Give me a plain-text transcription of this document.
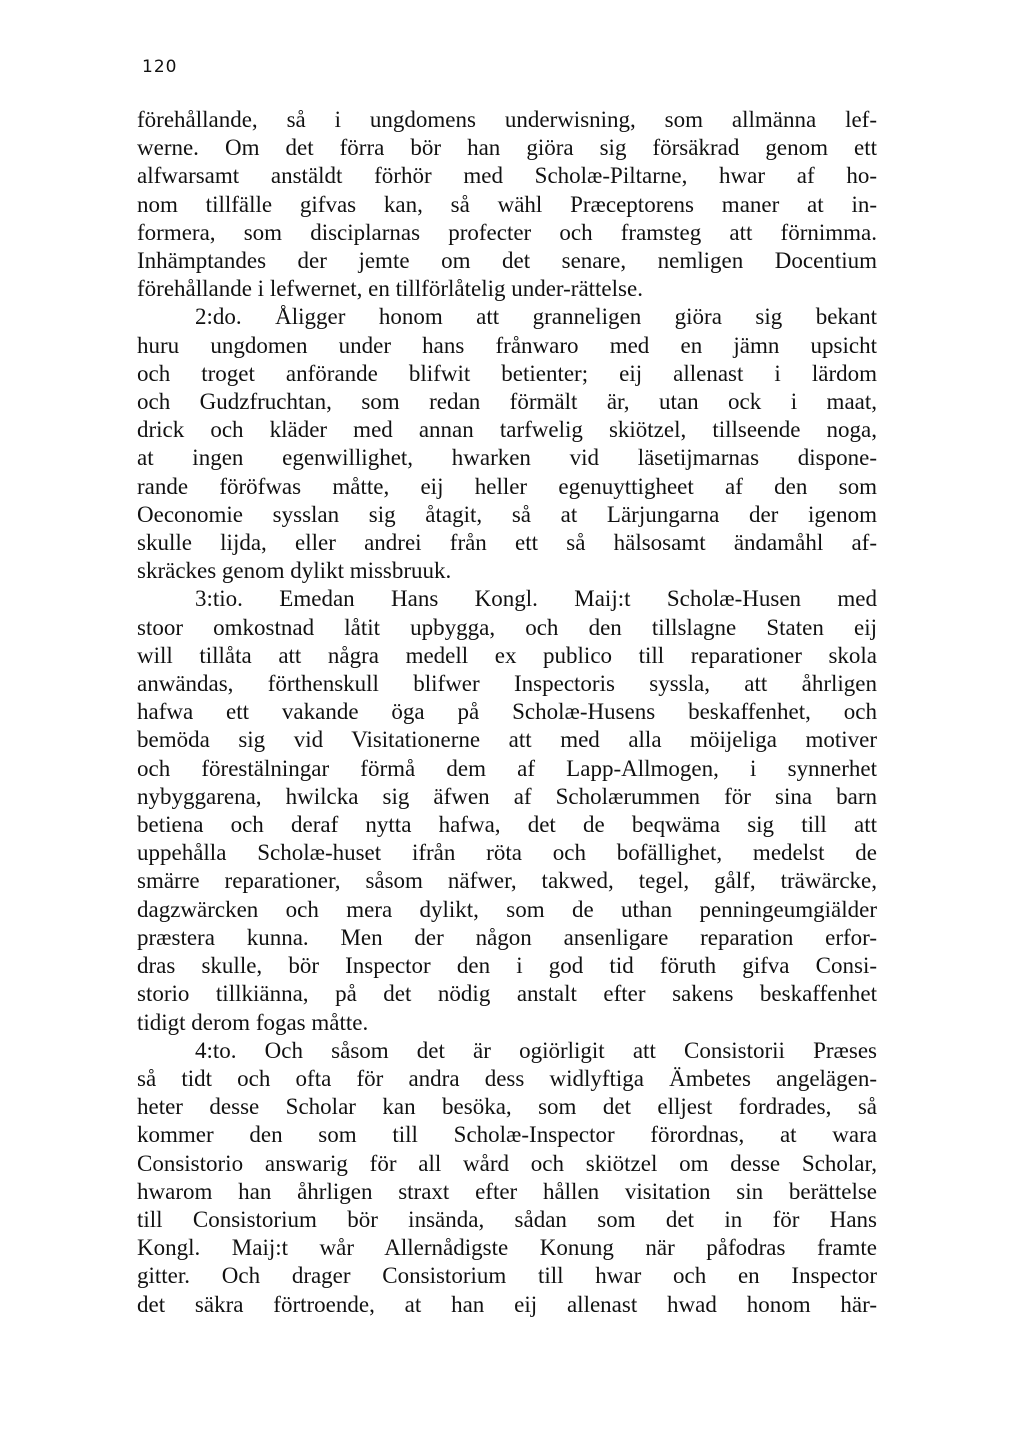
120
förehållande, så i ungdomens underwisning, som allmänna lef-
werne. Om det förra bör han giöra sig försäkrad genom ett
alfwarsamt anstäldt förhör med Scholæ-Piltarne, hwar af ho-
nom tillfälle gifvas kan, så wähl Præceptorens maner at in-
formera, som disciplarnas profecter och framsteg att förnimma.
Inhämptandes der jemte om det senare, nemligen Docentium
förehållande i lefwernet, en tillförlåtelig under-rättelse.
2:do. Åligger honom att granneligen giöra sig bekant
huru ungdomen under hans frånwaro med en jämn upsicht
och troget anförande blifwit betienter; eij allenast i lärdom
och Gudzfruchtan, som redan förmält är, utan ock i maat,
drick och kläder med annan tarfwelig skiötzel, tillseende noga,
at ingen egenwillighet, hwarken vid läsetijmarnas dispone-
rande föröfwas måtte, eij heller egenuyttigheet af den som
Oeconomie sysslan sig åtagit, så at Lärjungarna der igenom
skulle lijda, eller andrei från ett så hälsosamt ändamåhl af-
skräckes genom dylikt missbruuk.
3:tio. Emedan Hans Kongl. Maij:t Scholæ-Husen med
stoor omkostnad låtit upbygga, och den tillslagne Staten eij
will tillåta att några medell ex publico till reparationer skola
anwändas, förthenskull blifwer Inspectoris syssla, att åhrligen
hafwa ett vakande öga på Scholæ-Husens beskaffenhet, och
bemöda sig vid Visitationerne att med alla möijeliga motiver
och förestälningar förmå dem af Lapp-Allmogen, i synnerhet
nybyggarena, hwilcka sig äfwen af Scholærummen för sina barn
betiena och deraf nytta hafwa, det de beqwäma sig till att
uppehålla Scholæ-huset ifrån röta och bofällighet, medelst de
smärre reparationer, såsom näfwer, takwed, tegel, gålf, träwärcke,
dagzwärcken och mera dylikt, som de uthan penningeumgiälder
præstera kunna. Men der någon ansenligare reparation erfor-
dras skulle, bör Inspector den i god tid föruth gifva Consi-
storio tillkiänna, på det nödig anstalt efter sakens beskaffenhet
tidigt derom fogas måtte.
4:to. Och såsom det är ogiörligit att Consistorii Præses
så tidt och ofta för andra dess widlyftiga Ämbetes angelägen-
heter desse Scholar kan besöka, som det elljest fordrades, så
kommer den som till Scholæ-Inspector förordnas, at wara
Consistorio answarig för all wård och skiötzel om desse Scholar,
hwarom han åhrligen straxt efter hållen visitation sin berättelse
till Consistorium bör insända, sådan som det in för Hans
Kongl. Maij:t wår Allernådigste Konung när påfodras framte
gitter. Och drager Consistorium till hwar och en Inspector
det säkra förtroende, at han eij allenast hwad honom här-
